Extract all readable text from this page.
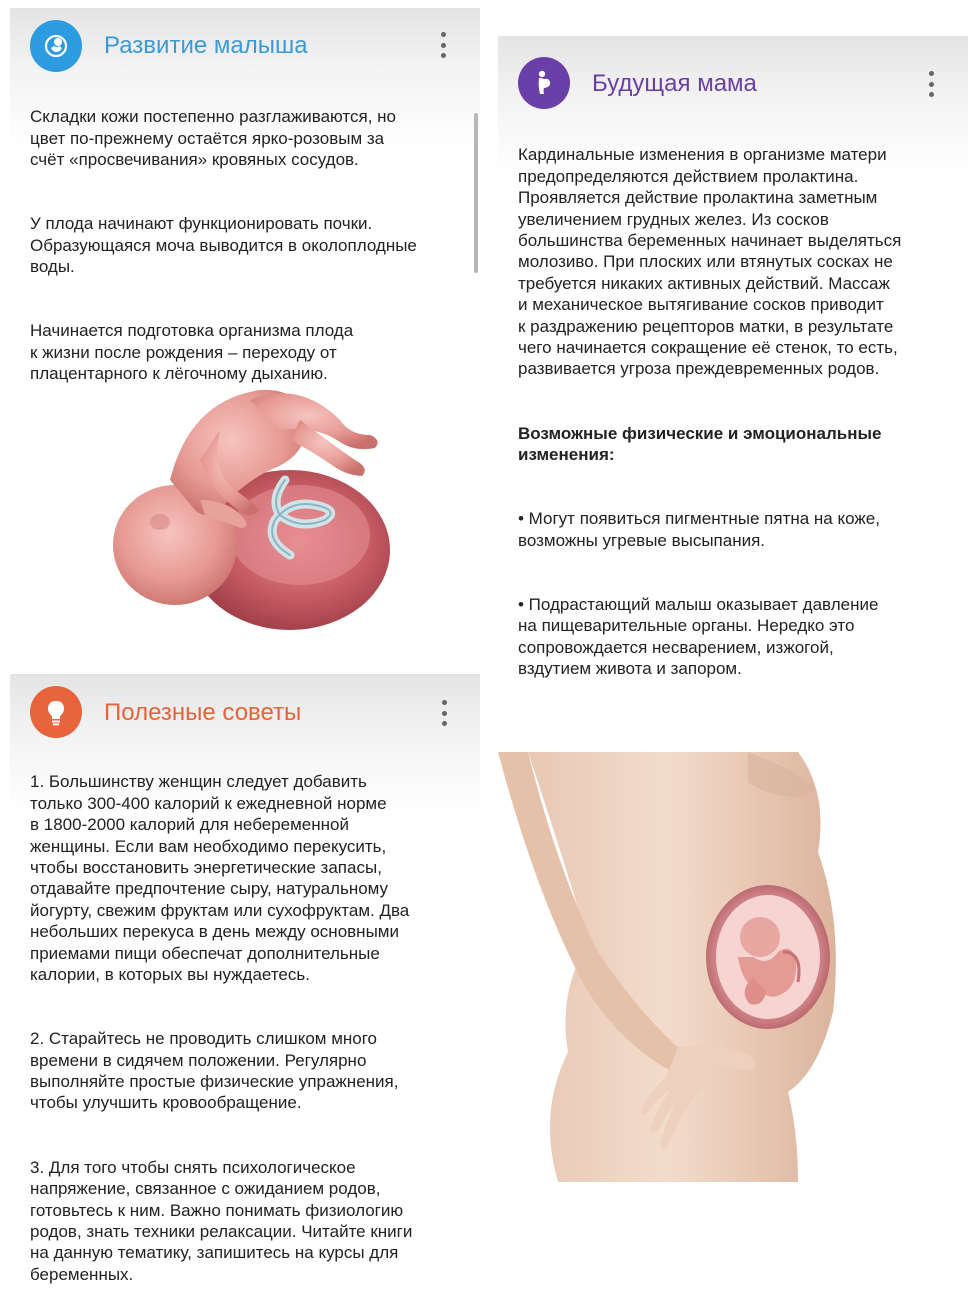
Развитие малыша

Складки кожи постепенно разглаживаются, но
цвет по-прежнему остаётся ярко-розовым за
счёт «просвечивания» кровяных сосудов.

У плода начинают функционировать почки.
Образующаяся моча выводится в околоплодные
воды.

Начинается подготовка организма плода
к жизни после рождения – переходу от
плацентарного к лёгочному дыханию.

Будущая мама

Кардинальные изменения в организме матери
предопределяются действием пролактина.
Проявляется действие пролактина заметным
увеличением грудных желез. Из сосков
большинства беременных начинает выделяться
молозиво. При плоских или втянутых сосках не
требуется никаких активных действий. Массаж
и механическое вытягивание сосков приводит
к раздражению рецепторов матки, в результате
чего начинается сокращение её стенок, то есть,
развивается угроза преждевременных родов.

Возможные физические и эмоциональные
изменения:

• Могут появиться пигментные пятна на коже,
возможны угревые высыпания.

• Подрастающий малыш оказывает давление
на пищеварительные органы. Нередко это
сопровождается несварением, изжогой,
вздутием живота и запором.

Полезные советы

1. Большинству женщин следует добавить
только 300-400 калорий к ежедневной норме
в 1800-2000 калорий для небеременной
женщины. Если вам необходимо перекусить,
чтобы восстановить энергетические запасы,
отдавайте предпочтение сыру, натуральному
йогурту, свежим фруктам или сухофруктам. Два
небольших перекуса в день между основными
приемами пищи обеспечат дополнительные
калории, в которых вы нуждаетесь.

2. Старайтесь не проводить слишком много
времени в сидячем положении. Регулярно
выполняйте простые физические упражнения,
чтобы улучшить кровообращение.

3. Для того чтобы снять психологическое
напряжение, связанное с ожиданием родов,
готовьтесь к ним. Важно понимать физиологию
родов, знать техники релаксации. Читайте книги
на данную тематику, запишитесь на курсы для
беременных.
